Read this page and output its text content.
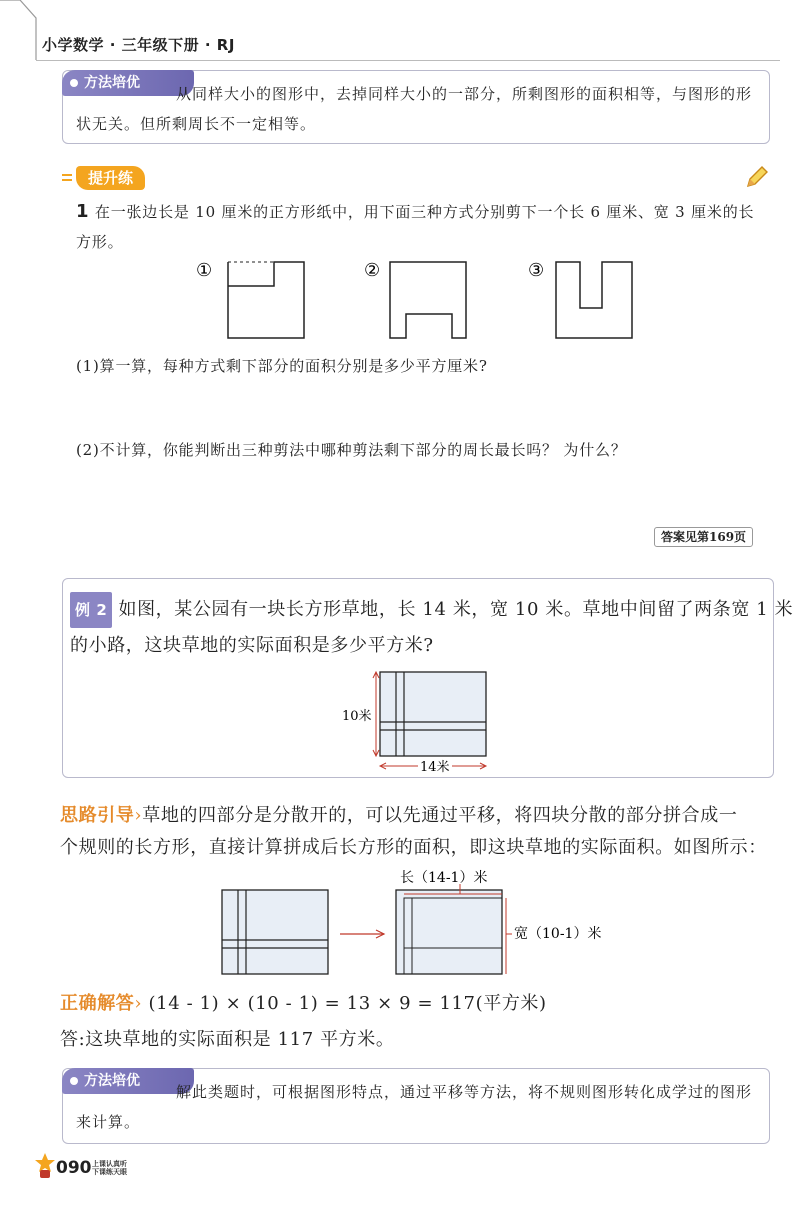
小学数学 · 三年级下册 · RJ
方法培优
从同样大小的图形中，去掉同样大小的一部分，所剩图形的面积相等，与图形的形
状无关。但所剩周长不一定相等。
提升练
1 在一张边长是 10 厘米的正方形纸中，用下面三种方式分别剪下一个长 6 厘米、宽 3 厘米的长
方形。
①	②	③
(1)算一算，每种方式剩下部分的面积分别是多少平方厘米?
(2)不计算，你能判断出三种剪法中哪种剪法剩下部分的周长最长吗？ 为什么？
答案见第169页
例 2 如图，某公园有一块长方形草地，长 14 米，宽 10 米。草地中间留了两条宽 1 米
的小路，这块草地的实际面积是多少平方米?
10米
14米
思路引导›草地的四部分是分散开的，可以先通过平移，将四块分散的部分拼合成一
个规则的长方形，直接计算拼成后长方形的面积，即这块草地的实际面积。如图所示：
长（14-1）米
宽（10-1）米
正确解答› (14 - 1) × (10 - 1) = 13 × 9 = 117(平方米)
答:这块草地的实际面积是 117 平方米。
方法培优
解此类题时，可根据图形特点，通过平移等方法，将不规则图形转化成学过的图形
来计算。
090 上课认真听
下课练天眼
